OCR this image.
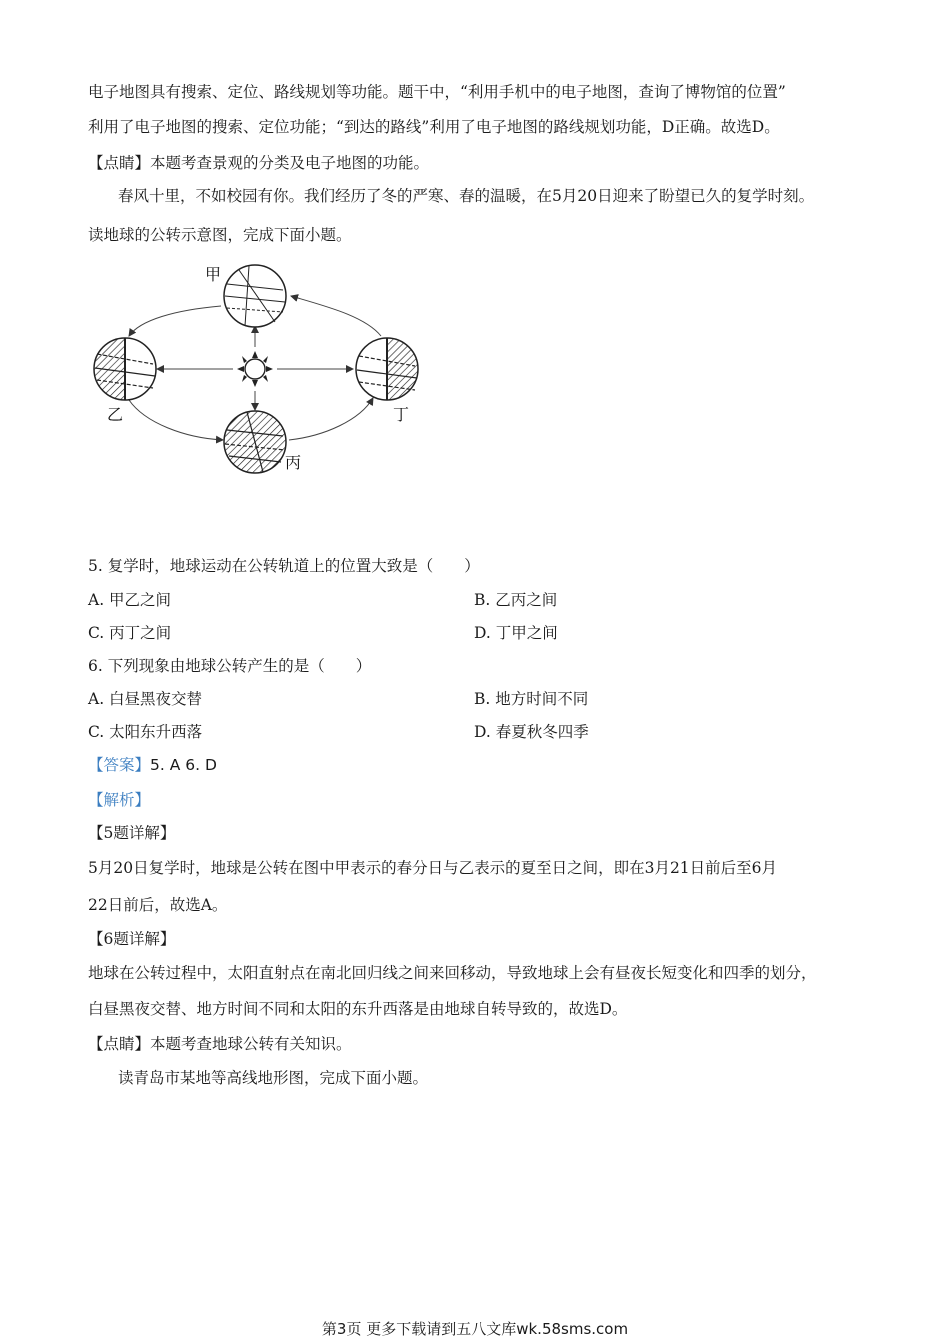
电子地图具有搜索、定位、路线规划等功能。题干中，“利用手机中的电子地图，查询了博物馆的位置”
利用了电子地图的搜索、定位功能；“到达的路线”利用了电子地图的路线规划功能，D正确。故选D。
【点睛】本题考查景观的分类及电子地图的功能。
春风十里，不如校园有你。我们经历了冬的严寒、春的温暖，在5月20日迎来了盼望已久的复学时刻。
读地球的公转示意图，完成下面小题。
甲
乙
丙
丁
5. 复学时，地球运动在公转轨道上的位置大致是（　　）
A. 甲乙之间	B. 乙丙之间
C. 丙丁之间	D. 丁甲之间
6. 下列现象由地球公转产生的是（　　）
A. 白昼黑夜交替	B. 地方时间不同
C. 太阳东升西落	D. 春夏秋冬四季
【答案】5. A 6. D
【解析】
【5题详解】
5月20日复学时，地球是公转在图中甲表示的春分日与乙表示的夏至日之间，即在3月21日前后至6月
22日前后，故选A。
【6题详解】
地球在公转过程中，太阳直射点在南北回归线之间来回移动，导致地球上会有昼夜长短变化和四季的划分，
白昼黑夜交替、地方时间不同和太阳的东升西落是由地球自转导致的，故选D。
【点睛】本题考查地球公转有关知识。
读青岛市某地等高线地形图，完成下面小题。
第3页 更多下载请到五八文库wk.58sms.com
